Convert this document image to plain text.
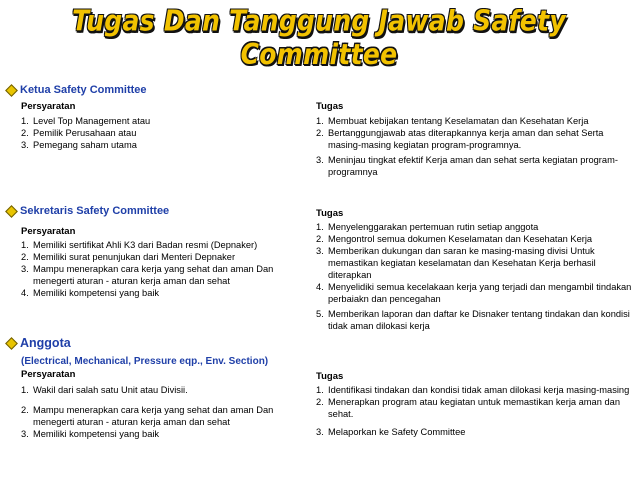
Tugas Dan Tanggung Jawab Safety Committee
Ketua Safety Committee
Persyaratan
1. Level Top Management atau
2. Pemilik Perusahaan atau
3. Pemegang saham utama
Tugas
1. Membuat kebijakan tentang Keselamatan dan Kesehatan Kerja
2. Bertanggungjawab atas diterapkannya kerja aman dan sehat Serta masing-masing kegiatan program-programnya.
3. Meninjau tingkat efektif Kerja aman dan sehat serta kegiatan program-programnya
Sekretaris Safety Committee
Persyaratan
1. Memiliki sertifikat Ahli K3 dari Badan resmi (Depnaker)
2. Memiliki surat penunjukan dari Menteri Depnaker
3. Mampu menerapkan cara kerja yang sehat dan aman Dan menegerti aturan - aturan kerja aman dan sehat
4. Memiliki kompetensi yang baik
Tugas
1. Menyelenggarakan pertemuan rutin setiap anggota
2. Mengontrol semua dokumen Keselamatan dan Kesehatan Kerja
3. Memberikan dukungan dan saran ke masing-masing divisi Untuk memastikan kegiatan keselamatan dan Kesehatan Kerja berhasil diterapkan
4. Menyelidiki semua kecelakaan kerja yang terjadi dan mengambil tindakan perbaiakn dan pencegahan
5. Memberikan laporan dan daftar ke Disnaker tentang tindakan dan kondisi tidak aman dilokasi kerja
Anggota
(Electrical, Mechanical, Pressure eqp., Env. Section)
Persyaratan
1. Wakil dari salah satu Unit atau Divisii.
2. Mampu menerapkan cara kerja yang sehat dan aman Dan menegerti aturan - aturan kerja aman dan sehat
3. Memiliki kompetensi yang baik
Tugas
1. Identifikasi tindakan dan kondisi tidak aman dilokasi kerja masing-masing
2. Menerapkan program atau kegiatan untuk memastikan kerja aman dan sehat.
3. Melaporkan ke Safety Committee
